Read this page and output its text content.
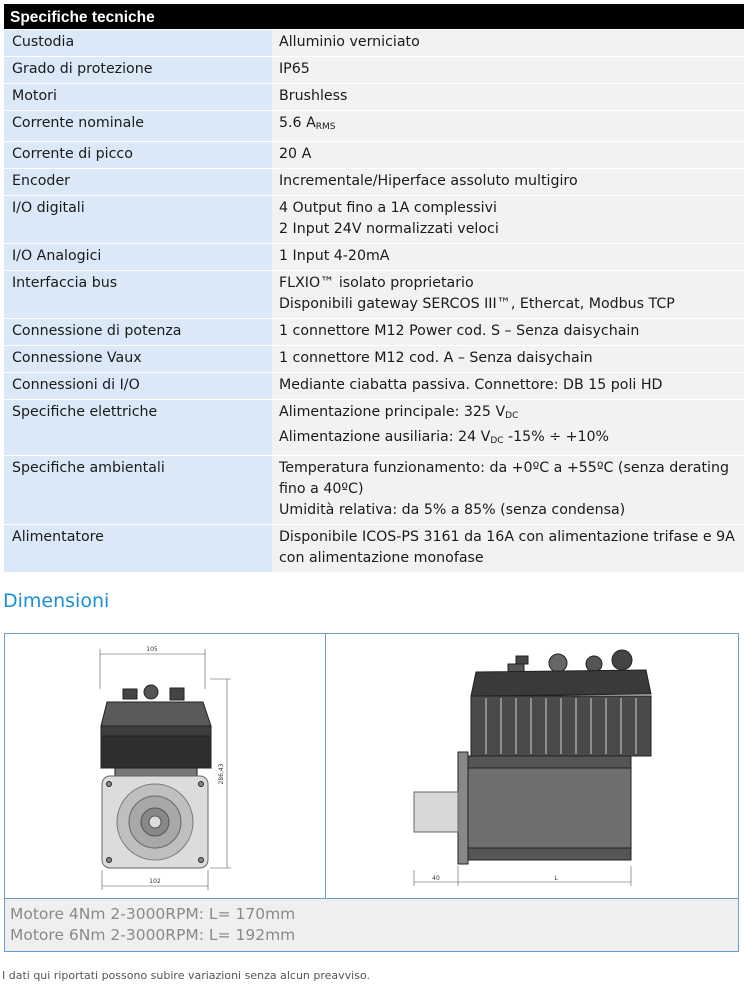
Specifiche tecniche
Custodia	Alluminio verniciato

Grado di protezione	IP65

Motori	Brushless

Corrente nominale	5.6 $A_{RMS}$

Corrente di picco	20 A

Encoder	Incrementale/Hiperface assoluto multigiro

I/O digitali	4 Output fino a 1A complessivi
2 Input 24V normalizzati veloci

I/O Analogici	1 Input 4-20mA

Interfaccia bus	FLXIO™ isolato proprietario
Disponibili gateway SERCOS III™, Ethercat, Modbus TCP

Connessione di potenza	1 connettore M12 Power cod. S – Senza daisychain

Connessione Vaux	1 connettore M12 cod. A – Senza daisychain

Connessioni di I/O	Mediante ciabatta passiva. Connettore: DB 15 poli HD

Specifiche elettriche	Alimentazione principale: 325 $V_{DC}$
Alimentazione ausiliaria: 24 $V_{DC}$ -15% ÷ +10%

Specifiche ambientali	Temperatura funzionamento: da +0ºC a +55ºC (senza derating fino a 40ºC)
Umidità relativa: da 5% a 85% (senza condensa)

Alimentatore	Disponibile ICOS-PS 3161 da 16A con alimentazione trifase e 9A con alimentazione monofase
Dimensioni
105
102
286,43
40	L
Motore 4Nm 2-3000RPM: L= 170mm
Motore 6Nm 2-3000RPM: L= 192mm
I dati qui riportati possono subire variazioni senza alcun preavviso.
